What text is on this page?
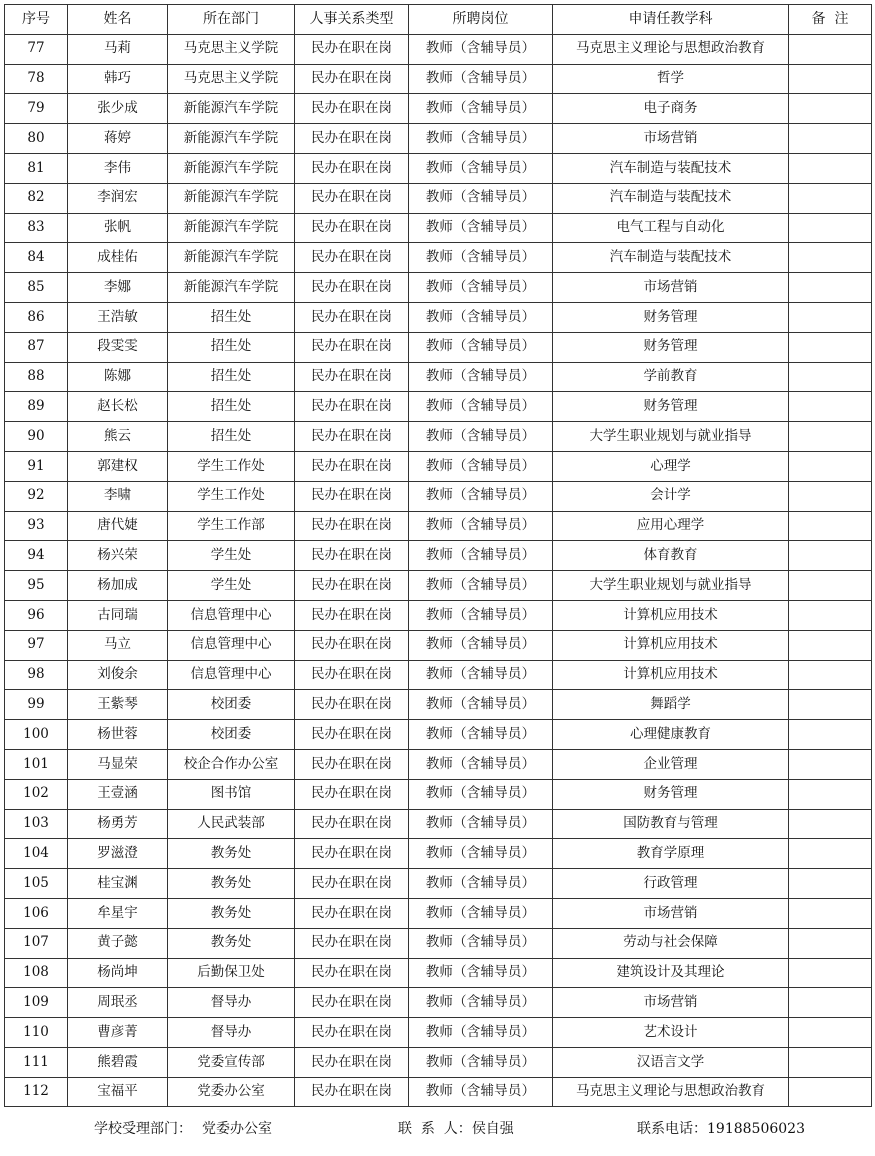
序号	姓名	所在部门	人事关系类型	所聘岗位	申请任教学科	备  注
77	马莉	马克思主义学院	民办在职在岗	教师（含辅导员）	马克思主义理论与思想政治教育	
78	韩巧	马克思主义学院	民办在职在岗	教师（含辅导员）	哲学	
79	张少成	新能源汽车学院	民办在职在岗	教师（含辅导员）	电子商务	
80	蒋婷	新能源汽车学院	民办在职在岗	教师（含辅导员）	市场营销	
81	李伟	新能源汽车学院	民办在职在岗	教师（含辅导员）	汽车制造与装配技术	
82	李润宏	新能源汽车学院	民办在职在岗	教师（含辅导员）	汽车制造与装配技术	
83	张帆	新能源汽车学院	民办在职在岗	教师（含辅导员）	电气工程与自动化	
84	成桂佑	新能源汽车学院	民办在职在岗	教师（含辅导员）	汽车制造与装配技术	
85	李娜	新能源汽车学院	民办在职在岗	教师（含辅导员）	市场营销	
86	王浩敏	招生处	民办在职在岗	教师（含辅导员）	财务管理	
87	段雯雯	招生处	民办在职在岗	教师（含辅导员）	财务管理	
88	陈娜	招生处	民办在职在岗	教师（含辅导员）	学前教育	
89	赵长松	招生处	民办在职在岗	教师（含辅导员）	财务管理	
90	熊云	招生处	民办在职在岗	教师（含辅导员）	大学生职业规划与就业指导	
91	郭建权	学生工作处	民办在职在岗	教师（含辅导员）	心理学	
92	李啸	学生工作处	民办在职在岗	教师（含辅导员）	会计学	
93	唐代婕	学生工作部	民办在职在岗	教师（含辅导员）	应用心理学	
94	杨兴荣	学生处	民办在职在岗	教师（含辅导员）	体育教育	
95	杨加成	学生处	民办在职在岗	教师（含辅导员）	大学生职业规划与就业指导	
96	古同瑞	信息管理中心	民办在职在岗	教师（含辅导员）	计算机应用技术	
97	马立	信息管理中心	民办在职在岗	教师（含辅导员）	计算机应用技术	
98	刘俊余	信息管理中心	民办在职在岗	教师（含辅导员）	计算机应用技术	
99	王紫琴	校团委	民办在职在岗	教师（含辅导员）	舞蹈学	
100	杨世蓉	校团委	民办在职在岗	教师（含辅导员）	心理健康教育	
101	马显荣	校企合作办公室	民办在职在岗	教师（含辅导员）	企业管理	
102	王壹涵	图书馆	民办在职在岗	教师（含辅导员）	财务管理	
103	杨勇芳	人民武装部	民办在职在岗	教师（含辅导员）	国防教育与管理	
104	罗滋澄	教务处	民办在职在岗	教师（含辅导员）	教育学原理	
105	桂宝渊	教务处	民办在职在岗	教师（含辅导员）	行政管理	
106	牟星宇	教务处	民办在职在岗	教师（含辅导员）	市场营销	
107	黄子懿	教务处	民办在职在岗	教师（含辅导员）	劳动与社会保障	
108	杨尚坤	后勤保卫处	民办在职在岗	教师（含辅导员）	建筑设计及其理论	
109	周珉丞	督导办	民办在职在岗	教师（含辅导员）	市场营销	
110	曹彦菁	督导办	民办在职在岗	教师（含辅导员）	艺术设计	
111	熊碧霞	党委宣传部	民办在职在岗	教师（含辅导员）	汉语言文学	
112	宝福平	党委办公室	民办在职在岗	教师（含辅导员）	马克思主义理论与思想政治教育	
学校受理部门： 党委办公室	联  系  人：侯自强	联系电话：19188506023
